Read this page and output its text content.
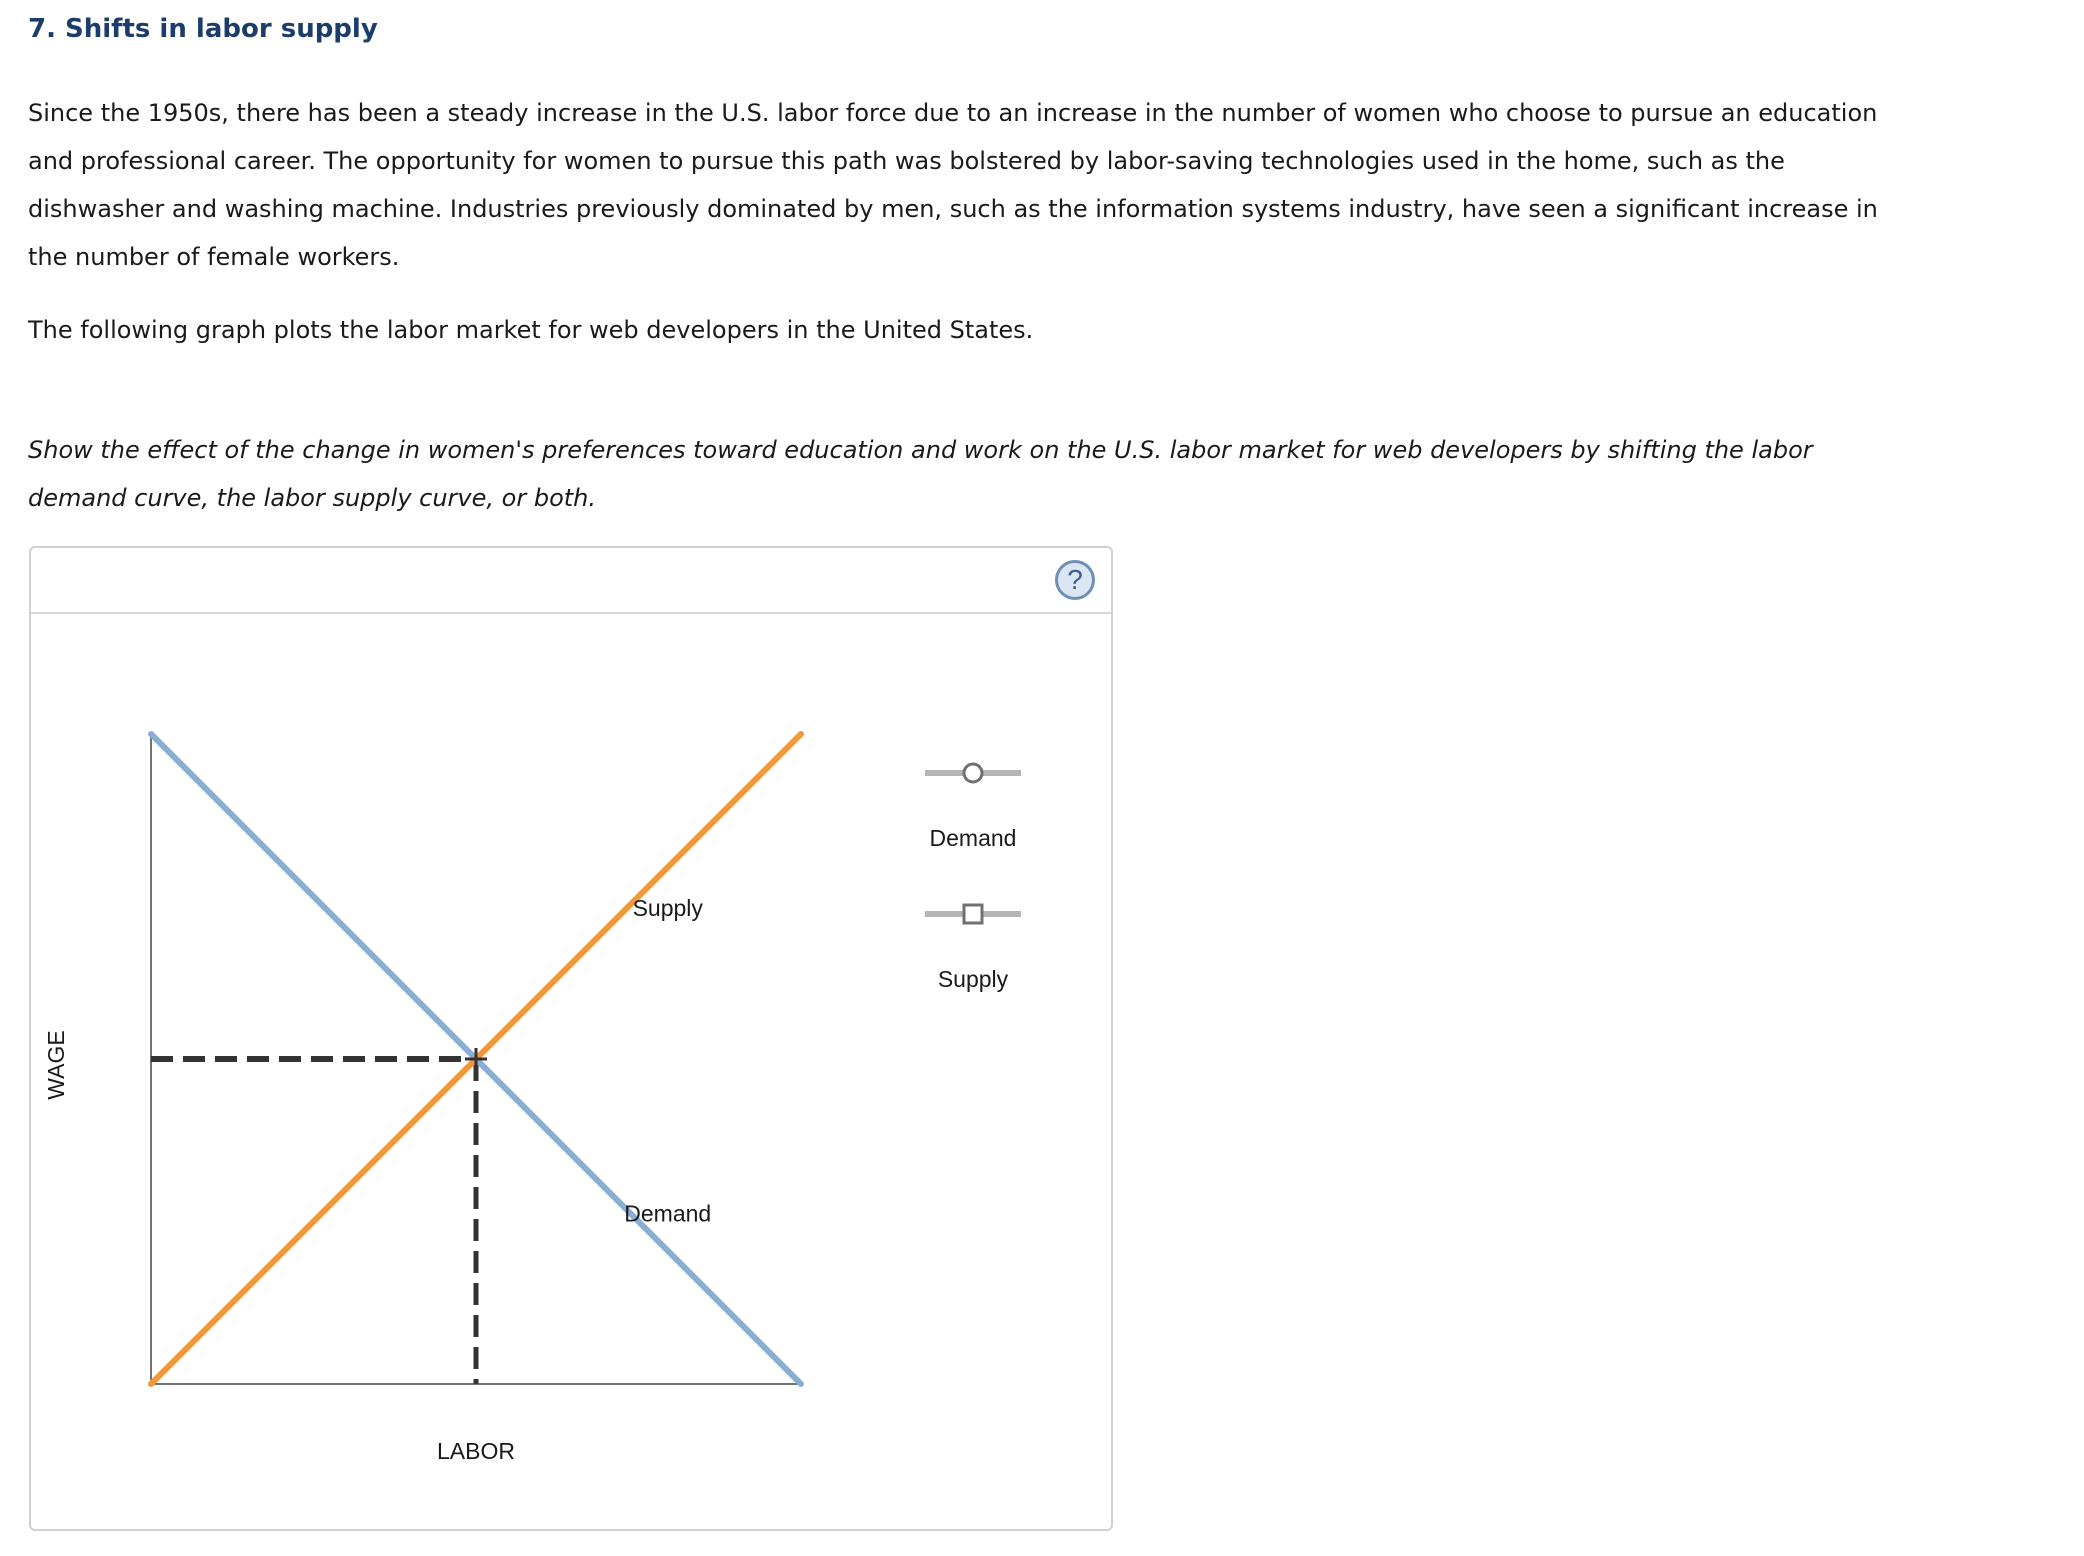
7. Shifts in labor supply

Since the 1950s, there has been a steady increase in the U.S. labor force due to an increase in the number of women who choose to pursue an education and professional career. The opportunity for women to pursue this path was bolstered by labor-saving technologies used in the home, such as the dishwasher and washing machine. Industries previously dominated by men, such as the information systems industry, have seen a significant increase in the number of female workers.

The following graph plots the labor market for web developers in the United States.

Show the effect of the change in women's preferences toward education and work on the U.S. labor market for web developers by shifting the labor demand curve, the labor supply curve, or both.

?
Supply
Demand
LABOR
WAGE
Demand
Supply
